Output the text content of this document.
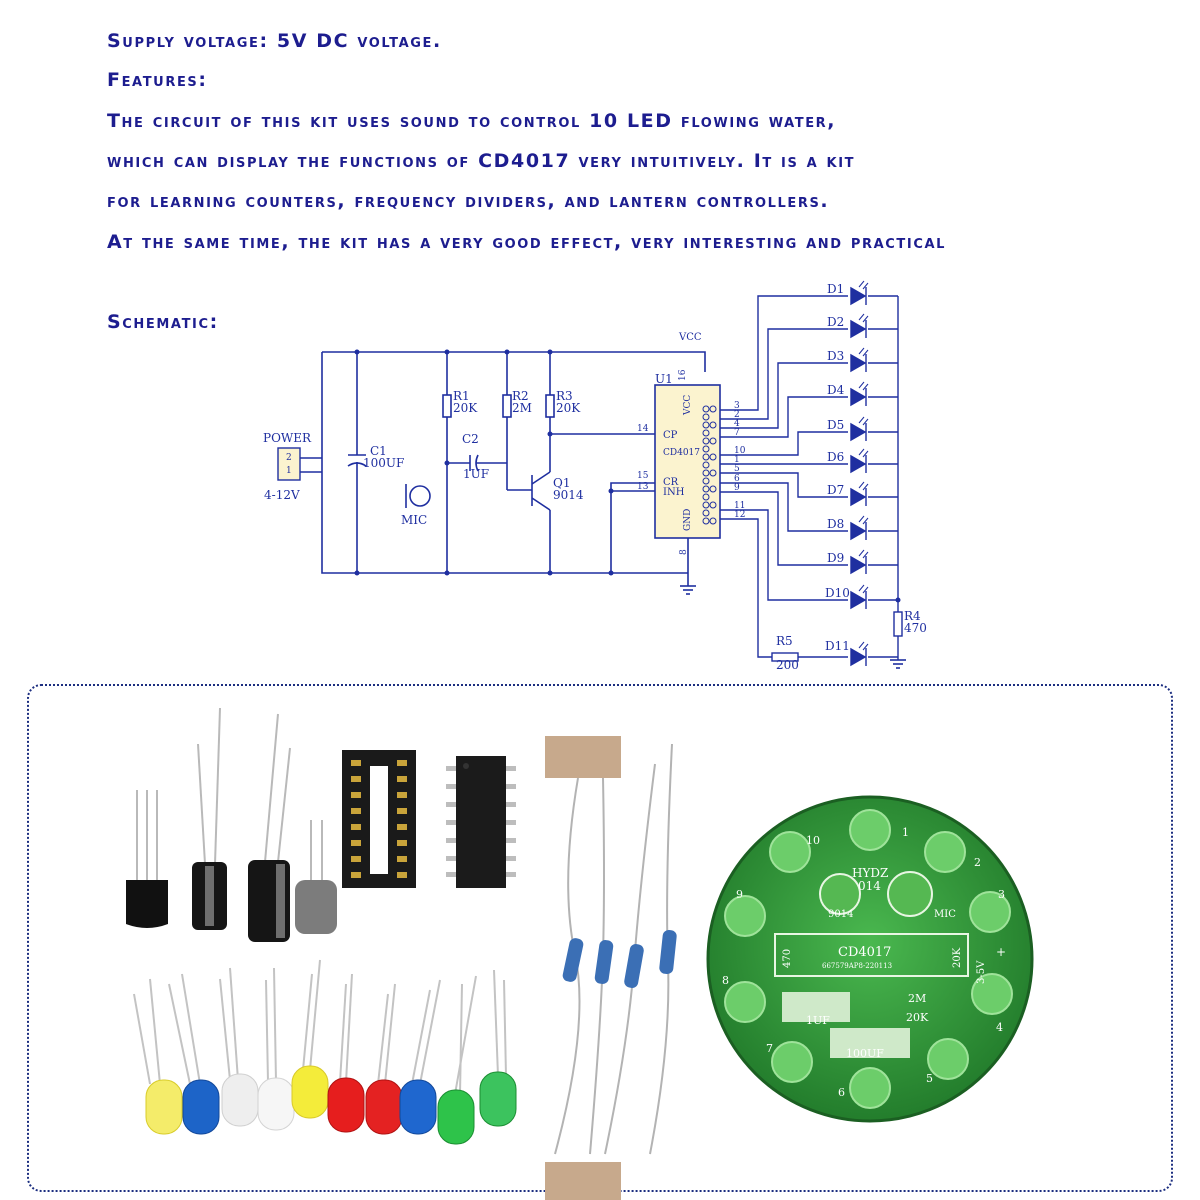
Supply voltage: 5V DC voltage.
Features:
The circuit of this kit uses sound to control 10 LED flowing water,
which can display the functions of CD4017 very intuitively. It is a kit
for learning counters, frequency dividers, and lantern controllers.
At the same time, the kit has a very good effect, very interesting and practical
Schematic:
VCC
POWER
2
1
4-12V
C1
100UF
R1
20K
R2
2M
R3
20K
C2
1UF
MIC
Q1
9014
U1
CD4017
CP
CR
INH
VCC
GND
16
8
14
15
13
3
2
4
7
10
1
5
6
9
11
12
D1
D2
D3
D4
D5
D6
D7
D8
D9
D10
D11
R4
470
R5
200
HYDZ
014
9014	MIC
CD4017
667579AP8-220113
470	20K
3-5V
2M
20K
1UF
100UF
+
1
2
3
4
5
6
7
8
9
10
